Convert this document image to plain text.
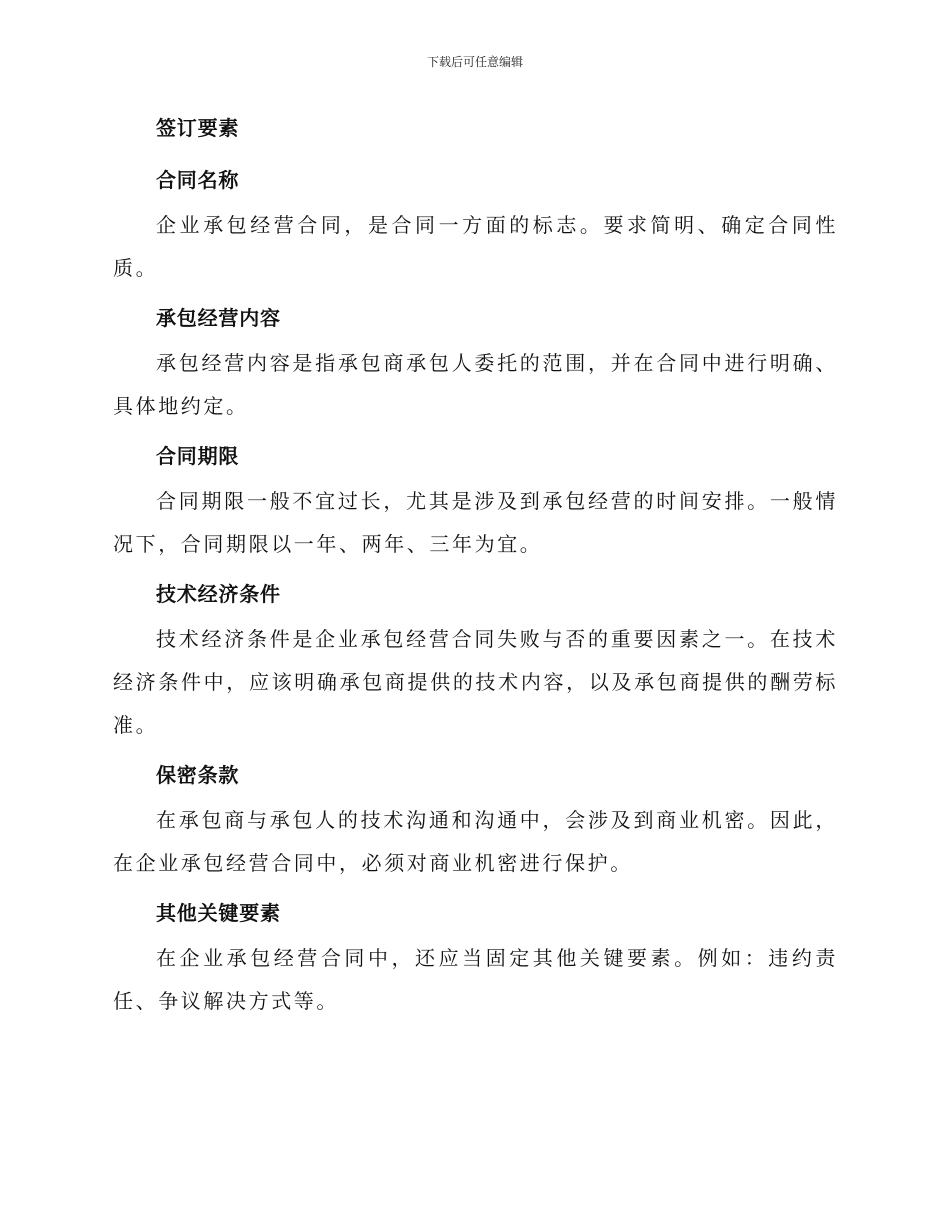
下载后可任意编辑
签订要素
合同名称

企业承包经营合同，是合同一方面的标志。要求简明、确定合同性质。

承包经营内容

承包经营内容是指承包商承包人委托的范围，并在合同中进行明确、具体地约定。

合同期限

合同期限一般不宜过长，尤其是涉及到承包经营的时间安排。一般情况下，合同期限以一年、两年、三年为宜。

技术经济条件

技术经济条件是企业承包经营合同失败与否的重要因素之一。在技术经济条件中，应该明确承包商提供的技术内容，以及承包商提供的酬劳标准。

保密条款

在承包商与承包人的技术沟通和沟通中，会涉及到商业机密。因此，在企业承包经营合同中，必须对商业机密进行保护。

其他关键要素

在企业承包经营合同中，还应当固定其他关键要素。例如：违约责任、争议解决方式等。
